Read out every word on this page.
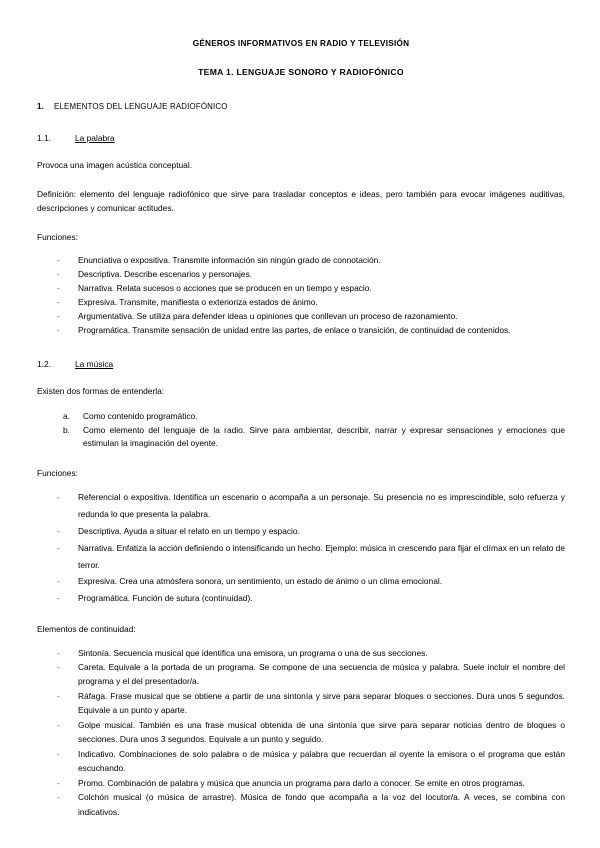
GÉNEROS INFORMATIVOS EN RADIO Y TELEVISIÓN
TEMA 1. LENGUAJE SONORO Y RADIOFÓNICO
1. ELEMENTOS DEL LENGUAJE RADIOFÓNICO
1.1.	La palabra

Provoca una imagen acústica conceptual.

Definición: elemento del lenguaje radiofónico que sirve para trasladar conceptos e ideas, pero también para evocar imágenes auditivas, descripciones y comunicar actitudes.

Funciones:

- Enunciativa o expositiva. Transmite información sin ningún grado de connotación.
- Descriptiva. Describe escenarios y personajes.
- Narrativa. Relata sucesos o acciones que se producen en un tiempo y espacio.
- Expresiva. Transmite, manifiesta o exterioriza estados de ánimo.
- Argumentativa. Se utiliza para defender ideas u opiniones que conllevan un proceso de razonamiento.
- Programática. Transmite sensación de unidad entre las partes, de enlace o transición, de continuidad de contenidos.
1.2.	La música

Existen dos formas de entenderla:

Como contenido programático.
Como elemento del lenguaje de la radio. Sirve para ambientar, describir, narrar y expresar sensaciones y emociones que estimulan la imaginación del oyente.

Funciones:

- Referencial o expositiva. Identifica un escenario o acompaña a un personaje. Su presencia no es imprescindible, solo refuerza y redunda lo que presenta la palabra.
- Descriptiva. Ayuda a situar el relato en un tiempo y espacio.
- Narrativa. Enfatiza la acción definiendo o intensificando un hecho. Ejemplo: música in crescendo para fijar el clímax en un relato de terror.
- Expresiva. Crea una atmósfera sonora, un sentimiento, un estado de ánimo o un clima emocional.
- Programática. Función de sutura (continuidad).

Elementos de continuidad:

- Sintonía. Secuencia musical que identifica una emisora, un programa o una de sus secciones.
- Careta. Equivale a la portada de un programa. Se compone de una secuencia de música y palabra. Suele incluir el nombre del programa y el del presentador/a.
- Ráfaga. Frase musical que se obtiene a partir de una sintonía y sirve para separar bloques o secciones. Dura unos 5 segundos. Equivale a un punto y aparte.
- Golpe musical. También es una frase musical obtenida de una sintonía que sirve para separar noticias dentro de bloques o secciones. Dura unos 3 segundos. Equivale a un punto y seguido.
- Indicativo. Combinaciones de solo palabra o de música y palabra que recuerdan al oyente la emisora o el programa que están escuchando.
- Promo. Combinación de palabra y música que anuncia un programa para darlo a conocer. Se emite en otros programas.
- Colchón musical (o música de arrastre). Música de fondo que acompaña a la voz del locutor/a. A veces, se combina con indicativos.
